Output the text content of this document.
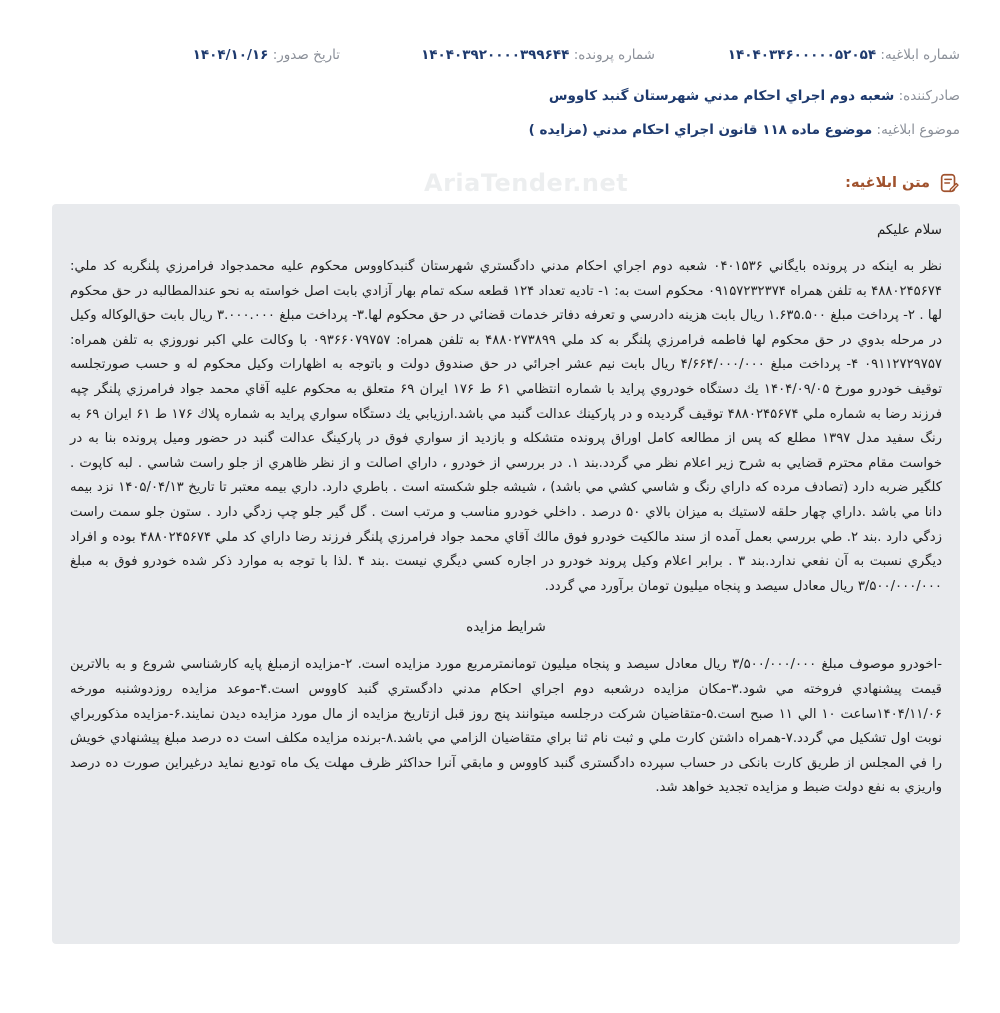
شماره ابلاغيه: ۱۴۰۴۰۳۴۶۰۰۰۰۰۵۲۰۵۴
شماره پرونده: ۱۴۰۴۰۳۹۲۰۰۰۰۳۹۹۶۴۴
تاريخ صدور: ۱۴۰۴/۱۰/۱۶
صادرکننده: شعبه دوم اجراي احكام مدني شهرستان گنبد كاووس
موضوع ابلاغيه: موضوع ماده ۱۱۸ قانون اجراي احکام مدني (مزايده )
AriaTender.net	متن ابلاغيه:
سلام عليكم

نظر به اينكه در پرونده بايگاني ۰۴۰۱۵۳۶ شعبه دوم اجراي احكام مدني دادگستري شهرستان گنبدكاووس محكوم عليه محمدجواد فرامرزي پلنگربه كد ملي: ۴۸۸۰۲۴۵۶۷۴ به تلفن همراه ۰۹۱۵۷۲۳۲۳۷۴ محكوم است به: ۱- تاديه تعداد ۱۲۴ قطعه سكه تمام بهار آزادي بابت اصل خواسته به نحو عندالمطالبه در حق محكوم لها . ۲- پرداخت مبلغ ۱.۶۳۵.۵۰۰ ريال بابت هزينه دادرسي و تعرفه دفاتر خدمات قضائي در حق محكوم لها.۳- پرداخت مبلغ ۳.۰۰۰.۰۰۰ ريال بابت حق‌الوكاله وكيل در مرحله بدوي در حق محكوم لها فاطمه فرامرزي پلنگر به كد ملي ۴۸۸۰۲۷۳۸۹۹ به تلفن همراه: ۰۹۳۶۶۰۷۹۷۵۷ با وكالت علي اكبر نوروزي به تلفن همراه: ۰۹۱۱۲۷۲۹۷۵۷ ۴- پرداخت مبلغ ۴/۶۶۴/۰۰۰/۰۰۰ ريال بابت نيم عشر اجرائي در حق صندوق دولت و باتوجه به اظهارات وكيل محكوم له و حسب صورتجلسه توقيف خودرو مورخ ۱۴۰۴/۰۹/۰۵ يك دستگاه خودروي پرايد با شماره انتظامي ۶۱ ط ۱۷۶ ايران ۶۹ متعلق به محكوم عليه آقاي محمد جواد فرامرزي پلنگر چپه فرزند رضا به شماره ملي ۴۸۸۰۲۴۵۶۷۴ توقيف گرديده و در پاركينك عدالت گنبد مي باشد.ارزيابي يك دستگاه سواري پرايد به شماره پلاك ۱۷۶ ط ۶۱ ايران ۶۹ به رنگ سفيد مدل ۱۳۹۷ مطلع كه پس از مطالعه كامل اوراق پرونده متشكله و بازديد از سواري فوق در پاركينگ عدالت گنبد در حضور وميل پرونده بنا به در خواست مقام محترم قضايي به شرح زير اعلام نظر مي گردد.بند ۱. در بررسي از خودرو ، داراي اصالت و از نظر ظاهري از جلو راست شاسي . لبه كاپوت . كلگير ضربه دارد (تصادف مرده كه داراي رنگ و شاسي كشي مي باشد) ، شيشه جلو شكسته است . باطري دارد. داري بيمه معتبر تا تاريخ ۱۴۰۵/۰۴/۱۳ نزد بيمه دانا مي باشد .داراي چهار حلقه لاستيك به ميزان بالاي ۵۰ درصد . داخلي خودرو مناسب و مرتب است . گل گير جلو چپ زدگي دارد . ستون جلو سمت راست زدگي دارد .بند ۲. طي بررسي بعمل آمده از سند مالكيت خودرو فوق مالك آقاي محمد جواد فرامرزي پلنگر فرزند رضا داراي كد ملي ۴۸۸۰۲۴۵۶۷۴ بوده و افراد ديگري نسبت به آن نفعي ندارد.بند ۳ . برابر اعلام وكيل پروند خودرو در اجاره كسي ديگري نيست .بند ۴ .لذا با توجه به موارد ذكر شده خودرو فوق به مبلغ ۳/۵۰۰/۰۰۰/۰۰۰ ريال معادل سيصد و پنجاه ميليون تومان برآورد مي گردد.

شرايط مزايده

-اخودرو موصوف مبلغ ۳/۵۰۰/۰۰۰/۰۰۰ ريال معادل سيصد و پنجاه ميليون تومانمترمربع مورد مزايده است. ۲-مزايده ازمبلغ پايه كارشناسي شروع و به بالاترين قيمت پيشنهادي فروخته مي شود.۳-مكان مزايده درشعبه دوم اجراي احكام مدني دادگستري گنبد كاووس است.۴-موعد مزايده روزدوشنبه مورخه ۱۴۰۴/۱۱/۰۶ساعت ۱۰ الي ۱۱ صبح است.۵-متقاضيان شركت درجلسه ميتوانند پنج روز قبل ازتاريخ مزايده از مال مورد مزايده ديدن نمايند.۶-مزايده مذكوربراي نوبت اول تشكيل مي گردد.۷-همراه داشتن كارت ملي و ثبت نام ثنا براي متقاضيان الزامي مي باشد.۸-برنده مزايده مكلف است ده درصد مبلغ پيشنهادي خويش را في المجلس از طريق کارت بانکی در حساب سپرده دادگستری گنبد کاووس و مابقي آنرا حداکثر ظرف مهلت یک ماه توديع نمايد درغيراين صورت ده درصد واريزي به نفع دولت ضبط و مزايده تجديد خواهد شد.
